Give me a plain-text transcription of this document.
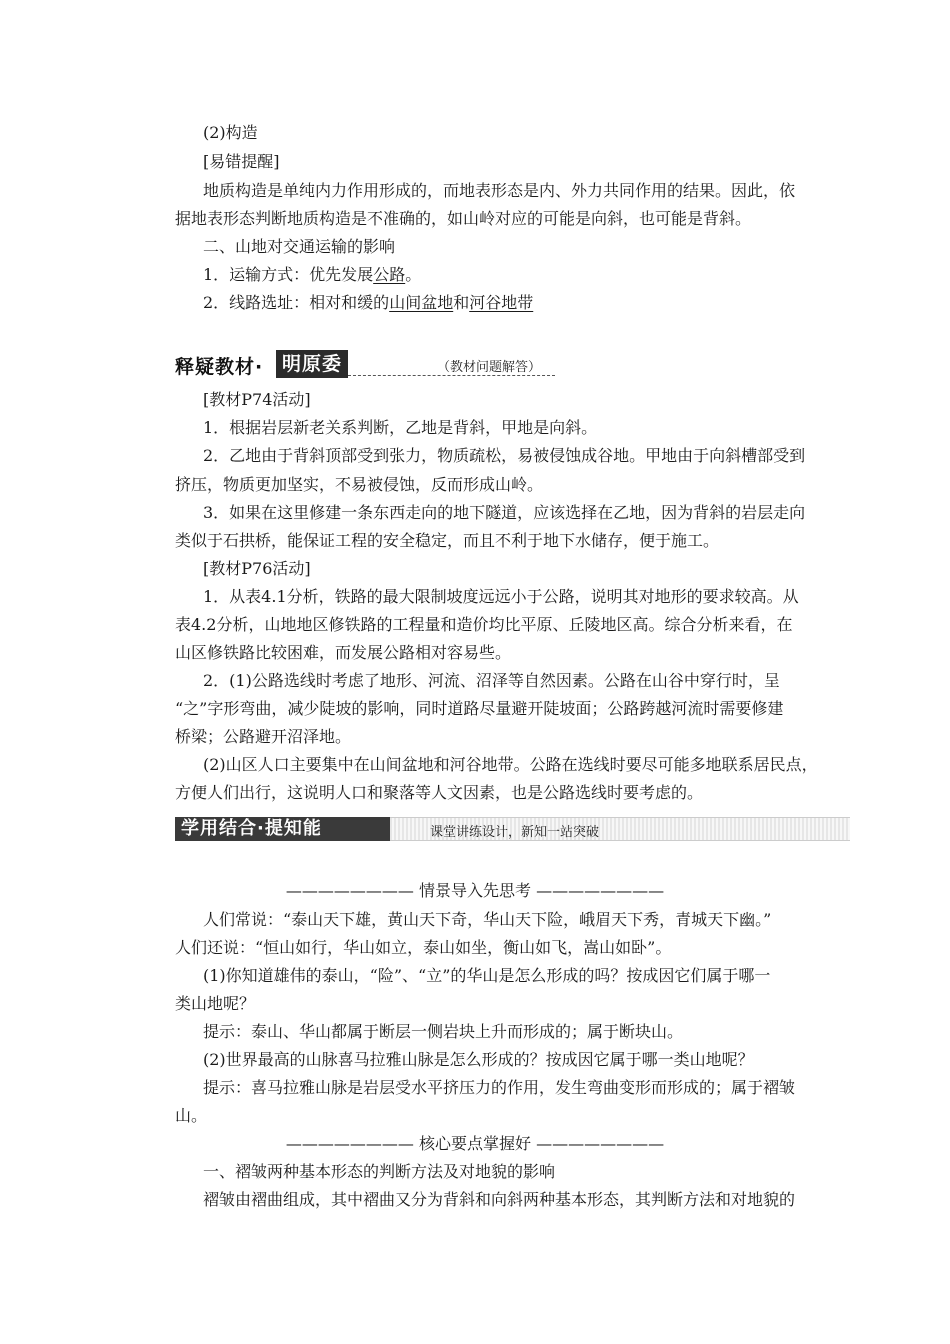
(2)构造
[易错提醒]
地质构造是单纯内力作用形成的，而地表形态是内、外力共同作用的结果。因此，依
据地表形态判断地质构造是不准确的，如山岭对应的可能是向斜，也可能是背斜。
二、山地对交通运输的影响
1．运输方式：优先发展公路。
2．线路选址：相对和缓的山间盆地和河谷地带
释疑教材· 明原委	（教材问题解答）
[教材P74活动]
1．根据岩层新老关系判断，乙地是背斜，甲地是向斜。
2．乙地由于背斜顶部受到张力，物质疏松，易被侵蚀成谷地。甲地由于向斜槽部受到
挤压，物质更加坚实，不易被侵蚀，反而形成山岭。
3．如果在这里修建一条东西走向的地下隧道，应该选择在乙地，因为背斜的岩层走向
类似于石拱桥，能保证工程的安全稳定，而且不利于地下水储存，便于施工。
[教材P76活动]
1．从表4.1分析，铁路的最大限制坡度远远小于公路，说明其对地形的要求较高。从
表4.2分析，山地地区修铁路的工程量和造价均比平原、丘陵地区高。综合分析来看，在
山区修铁路比较困难，而发展公路相对容易些。
2．(1)公路选线时考虑了地形、河流、沼泽等自然因素。公路在山谷中穿行时，呈
“之”字形弯曲，减少陡坡的影响，同时道路尽量避开陡坡面；公路跨越河流时需要修建
桥梁；公路避开沼泽地。
(2)山区人口主要集中在山间盆地和河谷地带。公路在选线时要尽可能多地联系居民点，
方便人们出行，这说明人口和聚落等人文因素，也是公路选线时要考虑的。
学用结合·提知能	课堂讲练设计，新知一站突破
———————— 情景导入先思考 ————————
人们常说：“泰山天下雄，黄山天下奇，华山天下险，峨眉天下秀，青城天下幽。”
人们还说：“恒山如行，华山如立，泰山如坐，衡山如飞，嵩山如卧”。
(1)你知道雄伟的泰山，“险”、“立”的华山是怎么形成的吗？按成因它们属于哪一
类山地呢？
提示：泰山、华山都属于断层一侧岩块上升而形成的；属于断块山。
(2)世界最高的山脉喜马拉雅山脉是怎么形成的？按成因它属于哪一类山地呢？
提示：喜马拉雅山脉是岩层受水平挤压力的作用，发生弯曲变形而形成的；属于褶皱
山。
———————— 核心要点掌握好 ————————
一、褶皱两种基本形态的判断方法及对地貌的影响
褶皱由褶曲组成，其中褶曲又分为背斜和向斜两种基本形态，其判断方法和对地貌的
